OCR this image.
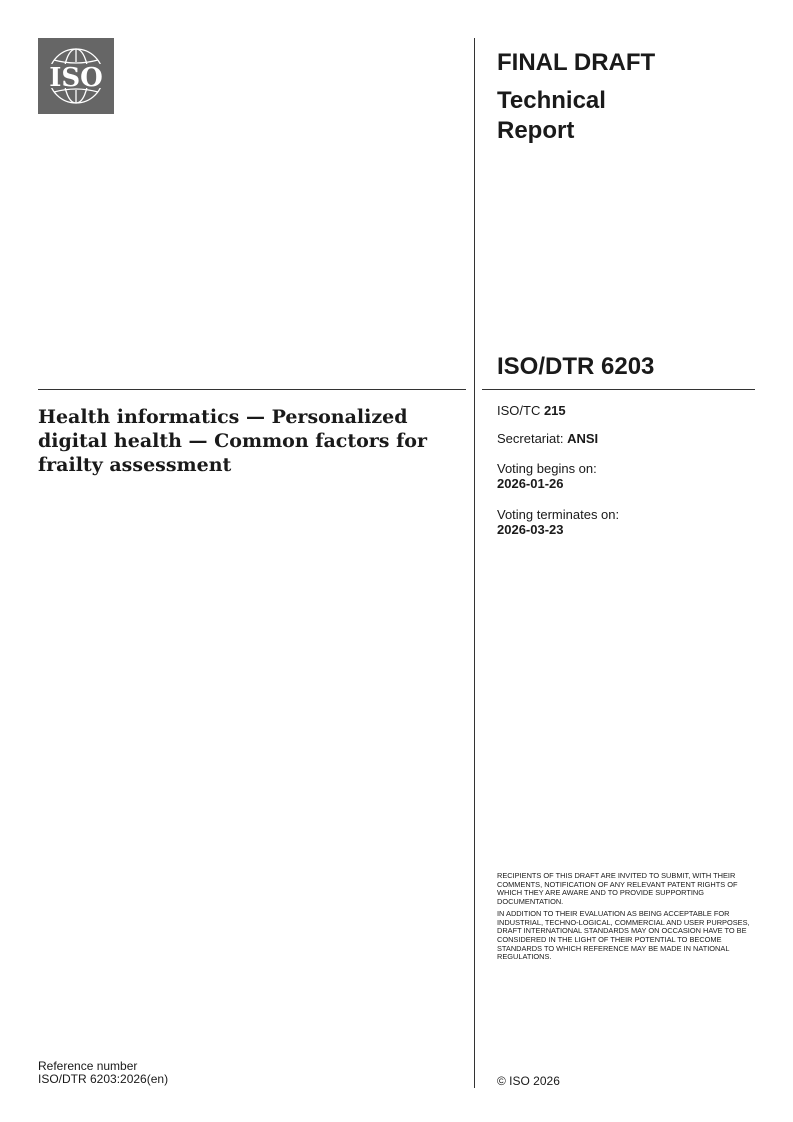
ISO
FINAL DRAFT
Technical
Report
ISO/DTR 6203
Health informatics — Personalized digital health — Common factors for frailty assessment
ISO/TC 215
Secretariat: ANSI
Voting begins on:
2026-01-26
Voting terminates on:
2026-03-23

RECIPIENTS OF THIS DRAFT ARE INVITED TO SUBMIT, WITH THEIR COMMENTS, NOTIFICATION OF ANY RELEVANT PATENT RIGHTS OF WHICH THEY ARE AWARE AND TO PROVIDE SUPPORTING DOCUMENTATION.

IN ADDITION TO THEIR EVALUATION AS BEING ACCEPTABLE FOR INDUSTRIAL, TECHNO-LOGICAL, COMMERCIAL AND USER PURPOSES, DRAFT INTERNATIONAL STANDARDS MAY ON OCCASION HAVE TO BE CONSIDERED IN THE LIGHT OF THEIR POTENTIAL TO BECOME STANDARDS TO WHICH REFERENCE MAY BE MADE IN NATIONAL REGULATIONS.

Reference number
ISO/DTR 6203:2026(en)	© ISO 2026
